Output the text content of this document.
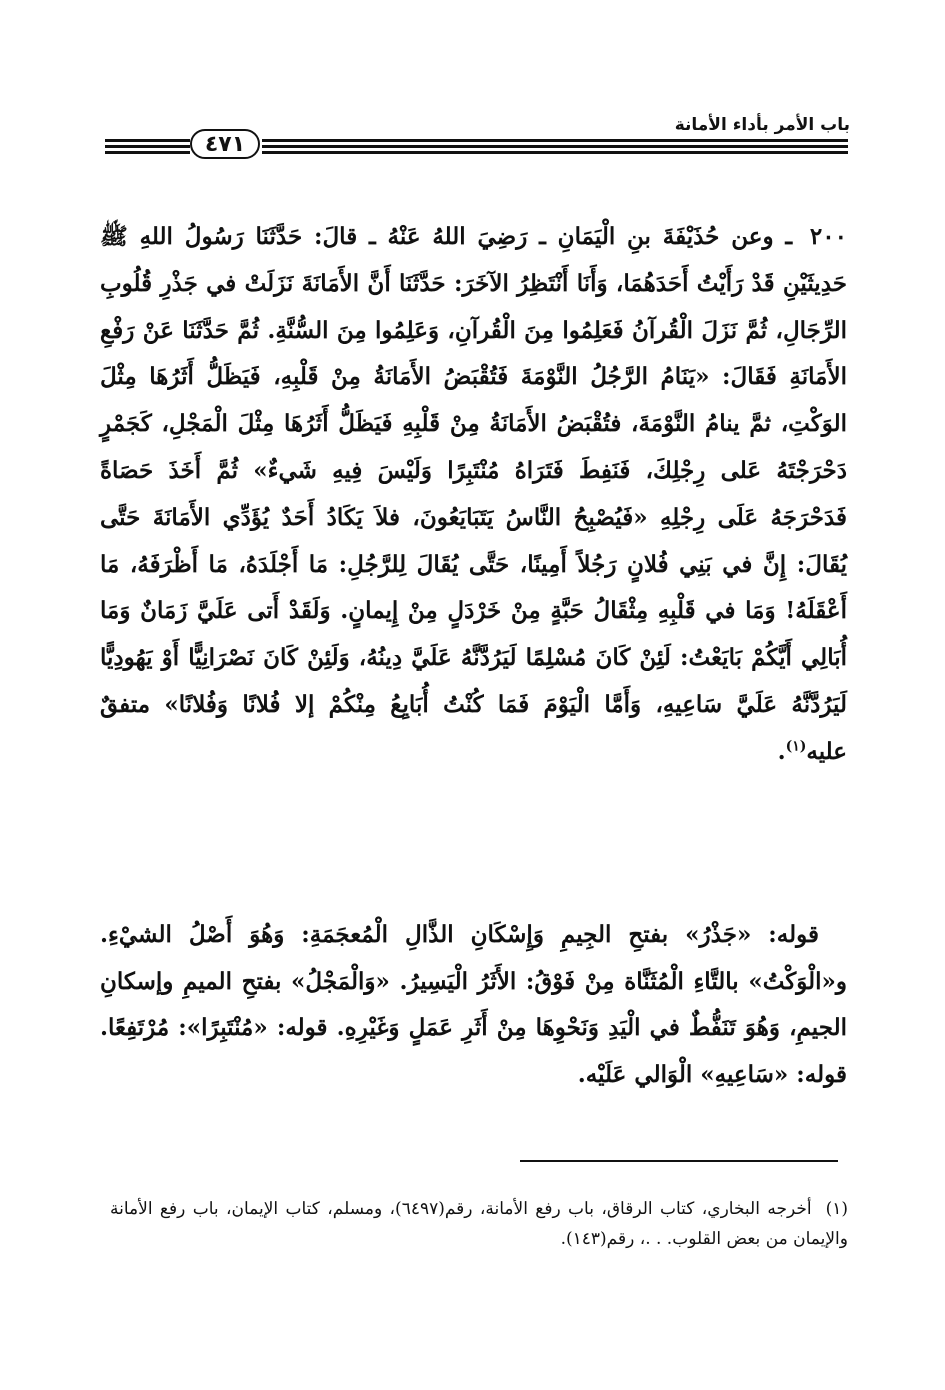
باب الأمر بأداء الأمانة
٤٧١

٢٠٠ ـ وعن حُذَيْفَةَ بنِ الْيَمَانِ ـ رَضِيَ اللهُ عَنْهُ ـ قالَ: حَدَّثَنَا رَسُولُ اللهِ ﷺ حَدِيثَيْنِ قَدْ رَأَيْتُ أَحَدَهُمَا، وَأَنَا أَنْتَظِرُ الآخَرَ: حَدَّثَنَا أَنَّ الأَمَانَةَ نَزَلَتْ في جَذْرِ قُلُوبِ الرِّجَالِ، ثُمَّ نَزَلَ الْقُرآنُ فَعَلِمُوا مِنَ الْقُرآنِ، وَعَلِمُوا مِنَ السُّنَّةِ. ثُمَّ حَدَّثَنَا عَنْ رَفْعِ الأَمَانَةِ فَقَالَ: «يَنَامُ الرَّجُلُ النَّوْمَةَ فَتُقْبَضُ الأَمَانَةُ مِنْ قَلْبِهِ، فَيَظَلُّ أَثَرُهَا مِثْلَ الوَكْتِ، ثمَّ ينامُ النَّوْمَةَ، فتُقْبَضُ الأَمَانَةُ مِنْ قَلْبِهِ فَيَظَلُّ أَثَرُهَا مِثْلَ الْمَجْلِ، كَجَمْرٍ دَحْرَجْتَهُ عَلى رِجْلِكَ، فَنَفِطَ فَتَرَاهُ مُنْتَبِرًا وَلَيْسَ فِيهِ شَيءٌ» ثُمَّ أَخَذَ حَصَاةً فَدَحْرَجَهُ عَلَى رِجْلِهِ «فَيُصْبِحُ النَّاسُ يَتَبَايَعُونَ، فلاَ يَكَادُ أَحَدٌ يُؤَدِّي الأَمَانَةَ حَتَّى يُقَالَ: إِنَّ في بَنِي فُلانٍ رَجُلاً أَمِينًا، حَتَّى يُقَالَ لِلرَّجُلِ: مَا أَجْلَدَهُ، مَا أَظْرَفَهُ، مَا أَعْقَلَهُ! وَمَا في قَلْبِهِ مِثْقَالُ حَبَّةٍ مِنْ خَرْدَلٍ مِنْ إِيمانٍ. وَلَقَدْ أَتى عَلَيَّ زَمَانٌ وَمَا أُبَالِي أَيَّكُمْ بَايَعْتُ: لَئِنْ كَانَ مُسْلِمًا لَيَرُدَّنَّهُ عَلَيَّ دِينُهُ، وَلَئِنْ كَانَ نَصْرَانِيًّا أَوْ يَهُودِيًّا لَيَرُدَّنَّهُ عَلَيَّ سَاعِيهِ، وَأَمَّا الْيَوْمَ فَمَا كُنْتُ أُبَايِعُ مِنْكُمْ إلا فُلانًا وَفُلانًا» متفقٌ عليه$^{(١)}$.

قوله: «جَذْرُ» بفتحِ الجِيمِ وَإِسْكَانِ الذَّالِ الْمُعجَمَةِ: وَهُوَ أَصْلُ الشيْءِ. و«الْوَكْتُ» بالتَّاءِ الْمُثَنَّاة مِنْ فَوْقُ: الأَثَرُ الْيَسِيرُ. «وَالْمَجْلُ» بفتحِ الميمِ وإسكانِ الجيمِ، وَهُوَ تَنَفُّطٌ في الْيَدِ وَنَحْوِهَا مِنْ أَثَرِ عَمَلٍ وَغَيْرِهِ. قوله: «مُنْتَبِرًا»: مُرْتَفِعًا. قوله: «سَاعِيهِ» الْوَالي عَلَيْه.

(١)أخرجه البخاري، كتاب الرقاق، باب رفع الأمانة، رقم(٦٤٩٧)، ومسلم، كتاب الإيمان، باب رفع الأمانة والإيمان من بعض القلوب. . .، رقم(١٤٣).
